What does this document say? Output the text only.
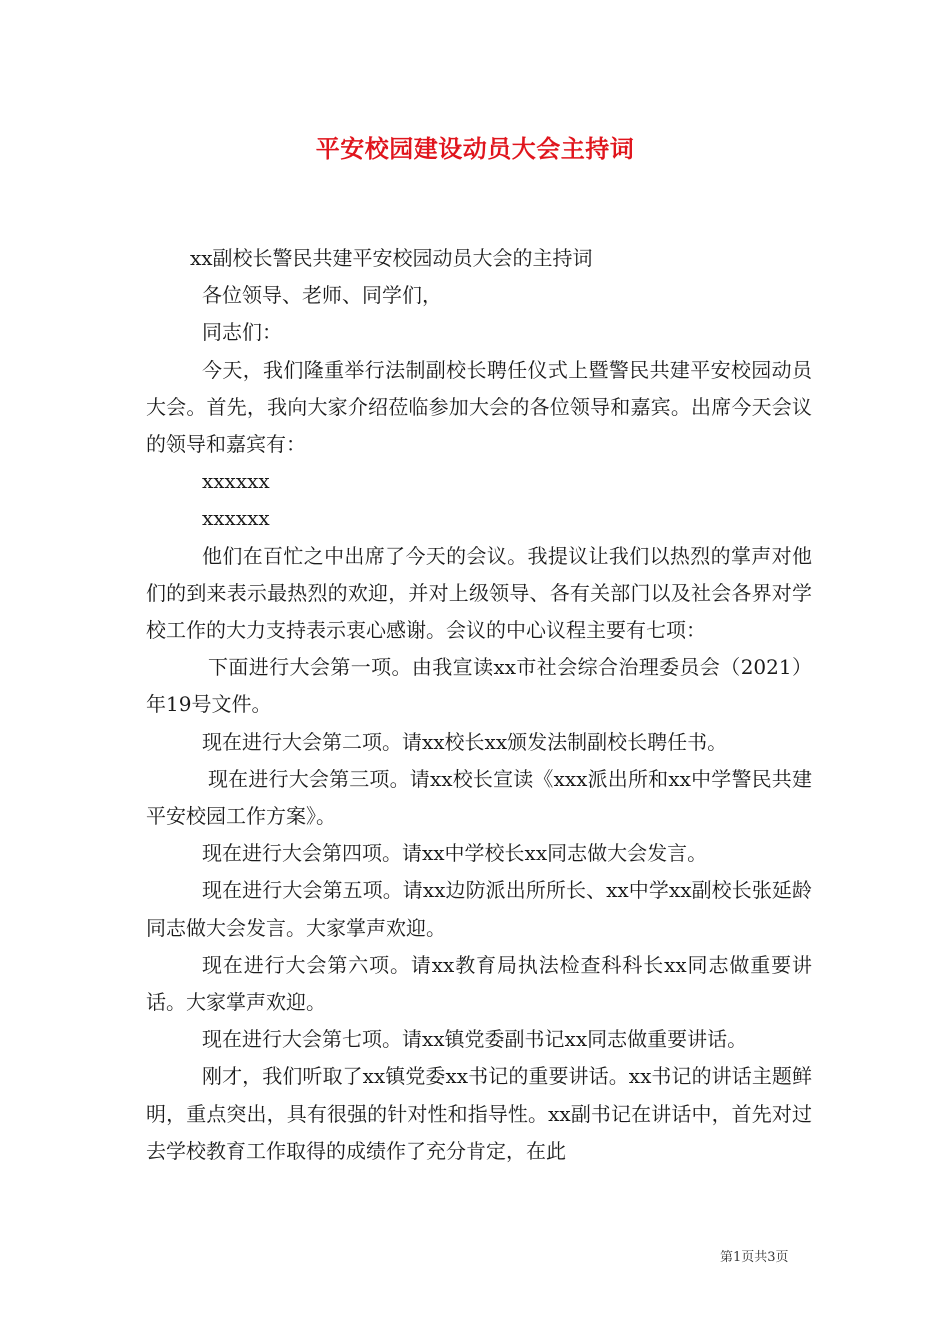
平安校园建设动员大会主持词

xx副校长警民共建平安校园动员大会的主持词

各位领导、老师、同学们，

同志们：

今天，我们隆重举行法制副校长聘任仪式上暨警民共建平安校园动员大会。首先，我向大家介绍莅临参加大会的各位领导和嘉宾。出席今天会议的领导和嘉宾有：

xxxxxx

xxxxxx

他们在百忙之中出席了今天的会议。我提议让我们以热烈的掌声对他们的到来表示最热烈的欢迎，并对上级领导、各有关部门以及社会各界对学校工作的大力支持表示衷心感谢。会议的中心议程主要有七项：

下面进行大会第一项。由我宣读xx市社会综合治理委员会（2021）年19号文件。

现在进行大会第二项。请xx校长xx颁发法制副校长聘任书。

现在进行大会第三项。请xx校长宣读《xxx派出所和xx中学警民共建平安校园工作方案》。

现在进行大会第四项。请xx中学校长xx同志做大会发言。

现在进行大会第五项。请xx边防派出所所长、xx中学xx副校长张延龄同志做大会发言。大家掌声欢迎。

现在进行大会第六项。请xx教育局执法检查科科长xx同志做重要讲话。大家掌声欢迎。

现在进行大会第七项。请xx镇党委副书记xx同志做重要讲话。

刚才，我们听取了xx镇党委xx书记的重要讲话。xx书记的讲话主题鲜明，重点突出，具有很强的针对性和指导性。xx副书记在讲话中，首先对过去学校教育工作取得的成绩作了充分肯定，在此

第1页共3页
